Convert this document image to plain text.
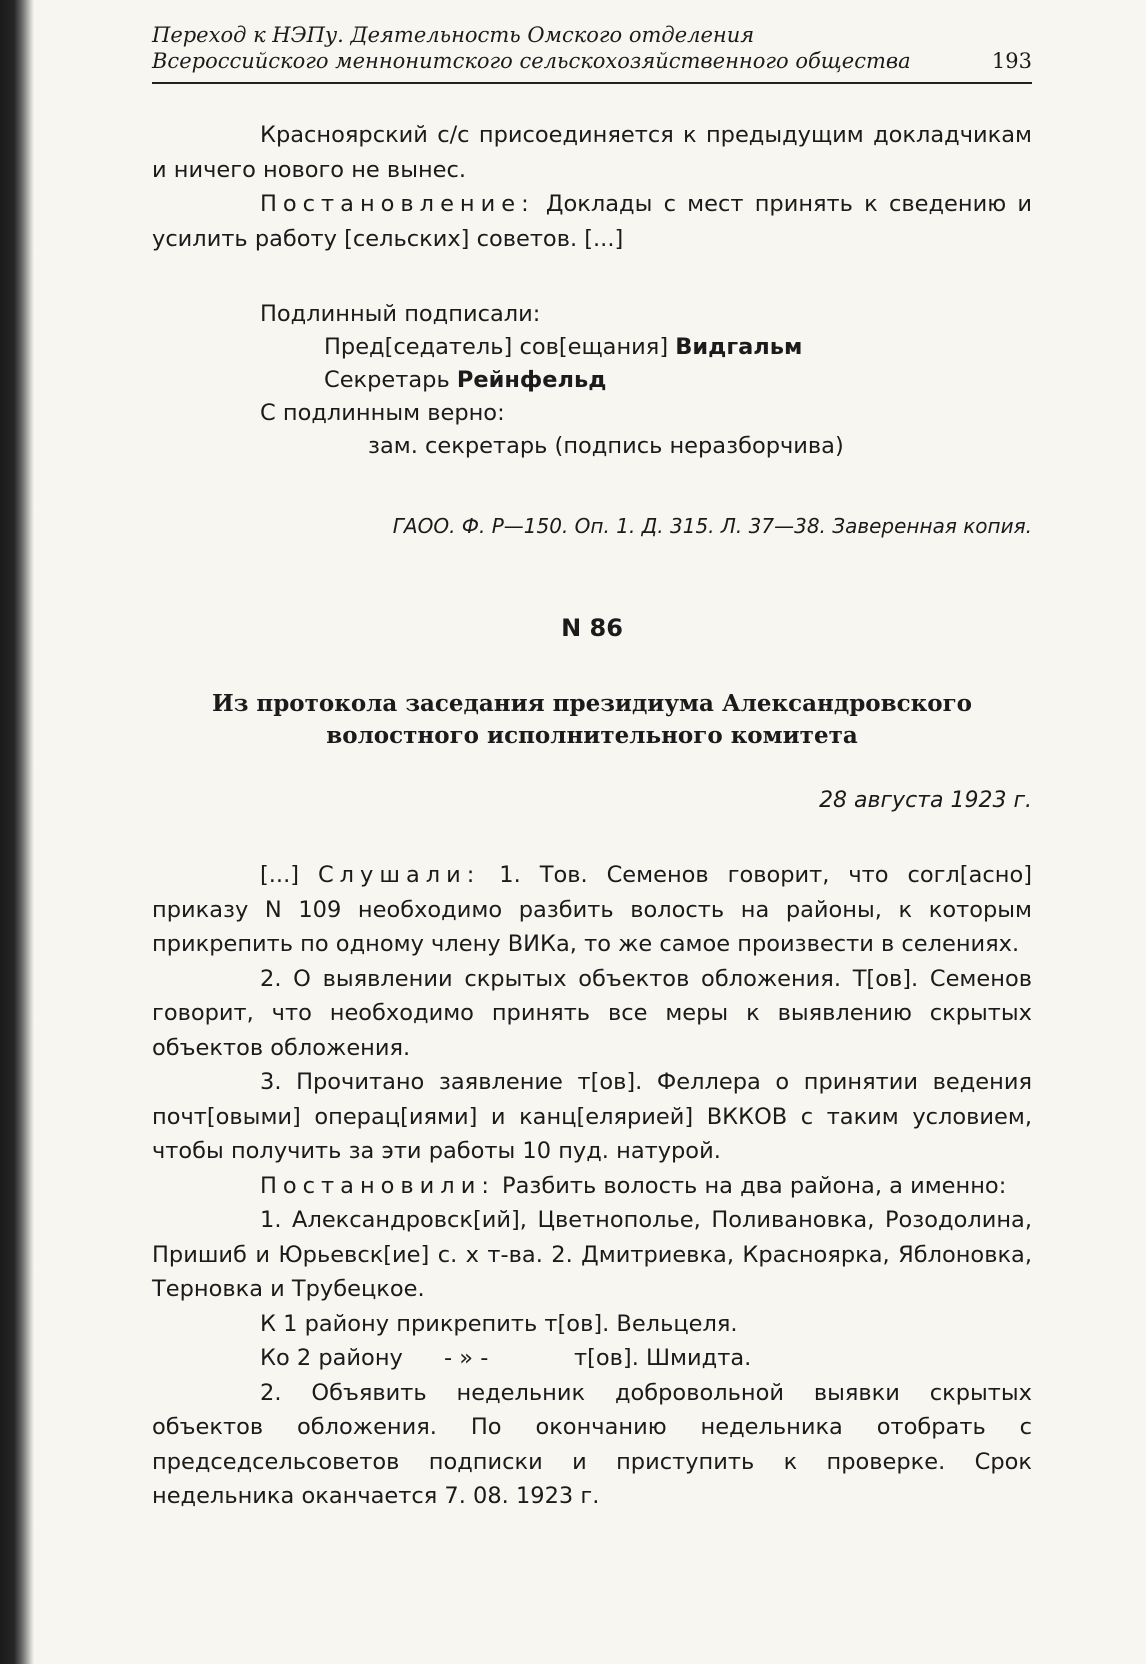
Переход к НЭПу. Деятельность Омского отделения
Всероссийского меннонитского сельскохозяйственного общества	193

Красноярский с/с присоединяется к предыдущим докладчикам и ничего нового не вынес.

Постановление: Доклады с мест принять к сведению и усилить работу [сельских] советов. [...]

Подлинный подписали:
Пред[седатель] сов[ещания] Видгальм
Секретарь Рейнфельд
С подлинным верно:
зам. секретарь (подпись неразборчива)
ГАОО. Ф. Р—150. Оп. 1. Д. 315. Л. 37—38. Заверенная копия.
N 86
Из протокола заседания президиума Александровского
волостного исполнительного комитета
28 августа 1923 г.

[...] Слушали: 1. Тов. Семенов говорит, что согл[асно] приказу N 109 необходимо разбить волость на районы, к которым прикрепить по одному члену ВИКа, то же самое произвести в селениях.

2. О выявлении скрытых объектов обложения. Т[ов]. Семенов говорит, что необходимо принять все меры к выявлению скрытых объектов обложения.

3. Прочитано заявление т[ов]. Феллера о принятии ведения почт[овыми] операц[иями] и канц[елярией] ВККОВ с таким условием, чтобы получить за эти работы 10 пуд. натурой.

Постановили: Разбить волость на два района, а именно:

1. Александровск[ий], Цветнополье, Поливановка, Розодолина, Пришиб и Юрьевск[ие] с. х т-ва. 2. Дмитриевка, Красноярка, Яблоновка, Терновка и Трубецкое.

К 1 району прикрепить т[ов]. Вельцеля.

Ко 2 району - » -	т[ов]. Шмидта.

2. Объявить недельник добровольной выявки скрытых объектов обложения. По окончанию недельника отобрать с председсельсоветов подписки и приступить к проверке. Срок недельника оканчается 7. 08. 1923 г.
